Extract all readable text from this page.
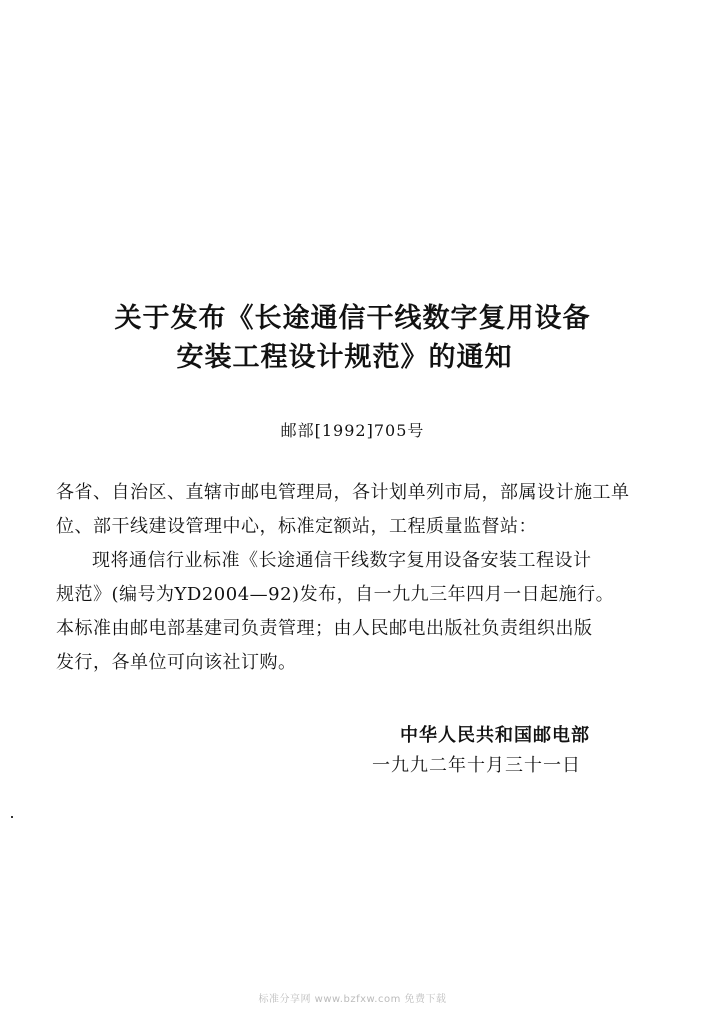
关于发布《长途通信干线数字复用设备
安装工程设计规范》的通知
邮部[1992]705号
各省、自治区、直辖市邮电管理局，各计划单列市局，部属设计施工单
位、部干线建设管理中心，标准定额站，工程质量监督站：
现将通信行业标准《长途通信干线数字复用设备安装工程设计
规范》(编号为YD2004—92)发布，自一九九三年四月一日起施行。
本标准由邮电部基建司负责管理；由人民邮电出版社负责组织出版
发行，各单位可向该社订购。
中华人民共和国邮电部
一九九二年十月三十一日
标准分享网 www.bzfxw.com 免费下载
